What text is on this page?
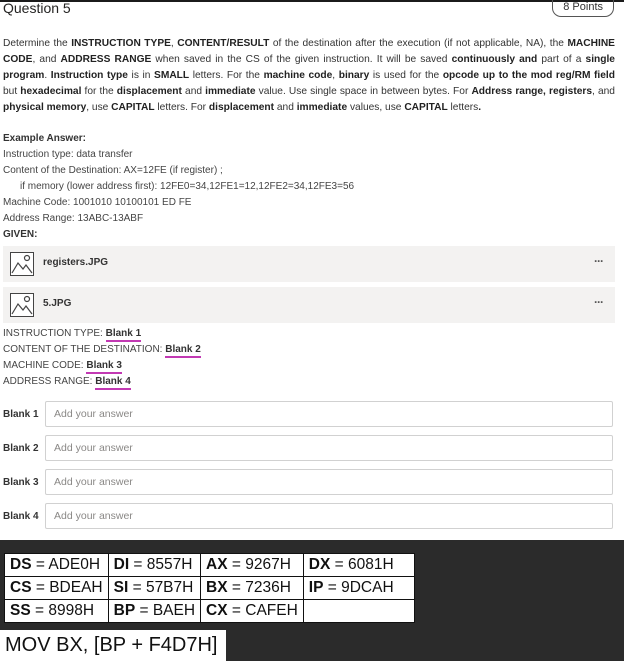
Question 5	8 Points
Determine the INSTRUCTION TYPE, CONTENT/RESULT of the destination after the execution (if not applicable, NA), the MACHINE CODE, and ADDRESS RANGE when saved in the CS of the given instruction. It will be saved continuously and part of a single program. Instruction type is in SMALL letters. For the machine code, binary is used for the opcode up to the mod reg/RM field but hexadecimal for the displacement and immediate value. Use single space in between bytes. For Address range, registers, and physical memory, use CAPITAL letters. For displacement and immediate values, use CAPITAL letters.
Example Answer:
Instruction type: data transfer
Content of the Destination: AX=12FE (if register) ;
if memory (lower address first): 12FE0=34,12FE1=12,12FE2=34,12FE3=56
Machine Code: 1001010 10100101 ED FE
Address Range: 13ABC-13ABF
GIVEN:
registers.JPG	···
5.JPG	···
INSTRUCTION TYPE: Blank 1
CONTENT OF THE DESTINATION: Blank 2
MACHINE CODE: Blank 3
ADDRESS RANGE: Blank 4
Blank 1
Add your answer
Blank 2
Add your answer
Blank 3
Add your answer
Blank 4
Add your answer
DS = ADE0H	DI = 8557H	AX = 9267H	DX = 6081H
CS = BDEAH	SI = 57B7H	BX = 7236H	IP = 9DCAH
SS = 8998H	BP = BAEH	CX = CAFEH	
MOV BX, [BP + F4D7H]
